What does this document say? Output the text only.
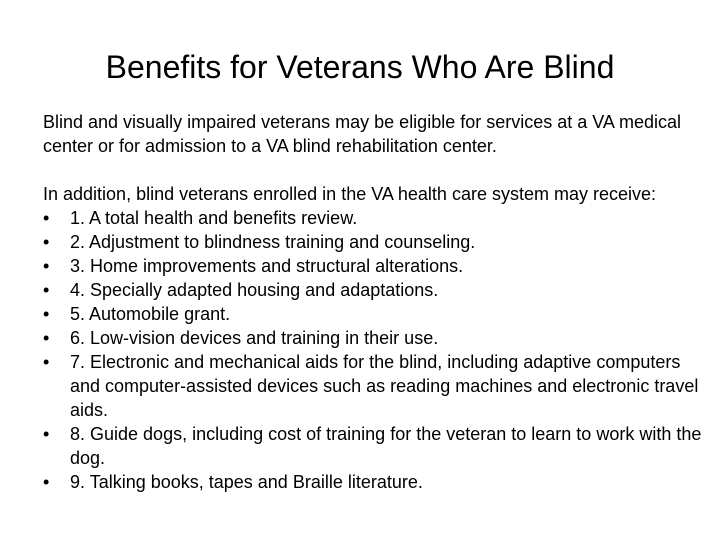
Benefits for Veterans Who Are Blind

Blind and visually impaired veterans may be eligible for services at a VA medical center or for admission to a VA blind rehabilitation center.

In addition, blind veterans enrolled in the VA health care system may receive:

•	1. A total health and benefits review.
•	2. Adjustment to blindness training and counseling.
•	3. Home improvements and structural alterations.
•	4. Specially adapted housing and adaptations.
•	5. Automobile grant.
•	6. Low-vision devices and training in their use.
•	7. Electronic and mechanical aids for the blind, including adaptive computers and computer-assisted devices such as reading machines and electronic travel aids.
•	8. Guide dogs, including cost of training for the veteran to learn to work with the dog.
•	9. Talking books, tapes and Braille literature.
